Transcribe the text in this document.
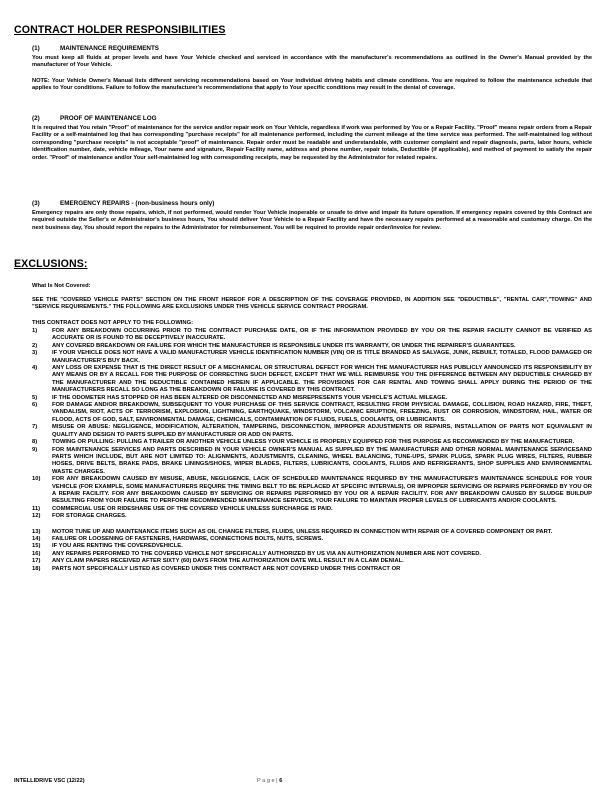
CONTRACT HOLDER RESPONSIBILITIES
(1)	MAINTENANCE REQUIREMENTS
You must keep all fluids at proper levels and have Your Vehicle checked and serviced in accordance with the manufacturer's recommendations as outlined in the Owner's Manual provided by the manufacturer of Your Vehicle.
NOTE: Your Vehicle Owner's Manual lists different servicing recommendations based on Your individual driving habits and climate conditions. You are required to follow the maintenance schedule that applies to Your conditions. Failure to follow the manufacturer's recommendations that apply to Your specific conditions may result in the denial of coverage.
(2)	PROOF OF MAINTENANCE LOG
It is required that You retain "Proof" of maintenance for the service and/or repair work on Your Vehicle, regardless if work was performed by You or a Repair Facility. "Proof" means repair orders from a Repair Facility or a self-maintained log that has corresponding "purchase receipts" for all maintenance performed, including the current mileage at the time service was performed. The self-maintained log without corresponding "purchase receipts" is not acceptable "proof" of maintenance. Repair order must be readable and understandable, with customer complaint and repair diagnosis, parts, labor hours, vehicle identification number, date, vehicle mileage, Your name and signature, Repair Facility name, address and phone number, repair totals, Deductible (if applicable), and method of payment to satisfy the repair order. "Proof" of maintenance and/or Your self-maintained log with corresponding receipts, may be requested by the Administrator for related repairs.
(3)	EMERGENCY REPAIRS - (non-business hours only)
Emergency repairs are only those repairs, which, if not performed, would render Your Vehicle inoperable or unsafe to drive and impair its future operation. If emergency repairs covered by this Contract are required outside the Seller's or Administrator's business hours, You should deliver Your Vehicle to a Repair Facility and have the necessary repairs performed at a reasonable and customary charge. On the next business day, You should report the repairs to the Administrator for reimbursement. You will be required to provide repair order/invoice for review.
EXCLUSIONS:
What Is Not Covered:
SEE THE "COVERED VEHICLE PARTS" SECTION ON THE FRONT HEREOF FOR A DESCRIPTION OF THE COVERAGE PROVIDED, IN ADDITION SEE "DEDUCTIBLE", "RENTAL CAR","TOWING" AND "SERVICE REQUIREMENTS." THE FOLLOWING ARE EXCLUSIONS UNDER THIS VEHICLE SERVICE CONTRACT PROGRAM.
THIS CONTRACT DOES NOT APPLY TO THE FOLLOWING:
1)	FOR ANY BREAKDOWN OCCURRING PRIOR TO THE CONTRACT PURCHASE DATE, OR IF THE INFORMATION PROVIDED BY YOU OR THE REPAIR FACILITY CANNOT BE VERIFIED AS ACCURATE OR IS FOUND TO BE DECEPTIVELY INACCURATE.
2)	ANY COVERED BREAKDOWN OR FAILURE FOR WHICH THE MANUFACTURER IS RESPONSIBLE UNDER ITS WARRANTY, OR UNDER THE REPAIRER'S GUARANTEES.
3)	IF YOUR VEHICLE DOES NOT HAVE A VALID MANUFACTURER VEHICLE IDENTIFICATION NUMBER (VIN) OR IS TITLE BRANDED AS SALVAGE, JUNK, REBUILT, TOTALED, FLOOD DAMAGED OR MANUFACTURER'S BUY BACK.
4)	ANY LOSS OR EXPENSE THAT IS THE DIRECT RESULT OF A MECHANICAL OR STRUCTURAL DEFECT FOR WHICH THE MANUFACTURER HAS PUBLICLY ANNOUNCED ITS RESPONSIBILITY BY ANY MEANS OR BY A RECALL FOR THE PURPOSE OF CORRECTING SUCH DEFECT, EXCEPT THAT WE WILL REIMBURSE YOU THE DIFFERENCE BETWEEN ANY DEDUCTIBLE CHARGED BY THE MANUFACTURER AND THE DEDUCTIBLE CONTAINED HEREIN IF APPLICABLE. THE PROVISIONS FOR CAR RENTAL AND TOWING SHALL APPLY DURING THE PERIOD OF THE MANUFACTURERS RECALL SO LONG AS THE BREAKDOWN OR FAILURE IS COVERED BY THIS CONTRACT.
5)	IF THE ODOMETER HAS STOPPED OR HAS BEEN ALTERED OR DISCONNECTED AND MISREPRESENTS YOUR VEHICLE'S ACTUAL MILEAGE.
6)	FOR DAMAGE AND/OR BREAKDOWN, SUBSEQUENT TO YOUR PURCHASE OF THIS SERVICE CONTRACT, RESULTING FROM PHYSICAL DAMAGE, COLLISION, ROAD HAZARD, FIRE, THEFT, VANDALISM, RIOT, ACTS OF TERRORISM, EXPLOSION, LIGHTNING, EARTHQUAKE, WINDSTORM, VOLCANIC ERUPTION, FREEZING, RUST OR CORROSION, WINDSTORM, HAIL, WATER OR FLOOD, ACTS OF GOD, SALT, ENVIRONMENTAL DAMAGE, CHEMICALS, CONTAMINATION OF FLUIDS, FUELS, COOLANTS, OR LUBRICANTS.
7)	MISUSE OR ABUSE: NEGLIGENCE, MODIFICATION, ALTERATION, TAMPERING, DISCONNECTION, IMPROPER ADJUSTMENTS OR REPAIRS, INSTALLATION OF PARTS NOT EQUIVALENT IN QUALITY AND DESIGN TO PARTS SUPPLIED BY MANUFACTURER OR ADD ON PARTS.
8)	TOWING OR PULLING: PULLING A TRAILER OR ANOTHER VEHICLE UNLESS YOUR VEHICLE IS PROPERLY EQUIPPED FOR THIS PURPOSE AS RECOMMENDED BY THE MANUFACTURER.
9)	FOR MAINTENANCE SERVICES AND PARTS DESCRIBED IN YOUR VEHICLE OWNER'S MANUAL AS SUPPLIED BY THE MANUFACTURER AND OTHER NORMAL MAINTENANCE SERVICESAND PARTS WHICH INCLUDE, BUT ARE NOT LIMITED TO: ALIGNMENTS, ADJUSTMENTS, CLEANING, WHEEL BALANCING, TUNE-UPS, SPARK PLUGS, SPARK PLUG WIRES, FILTERS, RUBBER HOSES, DRIVE BELTS, BRAKE PADS, BRAKE LININGS/SHOES, WIPER BLADES, FILTERS, LUBRICANTS, COOLANTS, FLUIDS AND REFRIGERANTS, SHOP SUPPLIES AND ENVIRONMENTAL WASTE CHARGES.
10) FOR ANY BREAKDOWN CAUSED BY MISUSE, ABUSE, NEGLIGENCE, LACK OF SCHEDULED MAINTENANCE REQUIRED BY THE MANUFACTURER'S MAINTENANCE SCHEDULE FOR YOUR VEHICLE (FOR EXAMPLE, SOME MANUFACTURERS REQUIRE THE TIMING BELT TO BE REPLACED AT SPECIFIC INTERVALS), OR IMPROPER SERVICING OR REPAIRS PERFORMED BY YOU OR A REPAIR FACILITY. FOR ANY BREAKDOWN CAUSED BY SERVICING OR REPAIRS PERFORMED BY YOU OR A REPAIR FACILITY. FOR ANY BREAKDOWN CAUSED BY SLUDGE BUILDUP RESULTING FROM YOUR FAILURE TO PERFORM RECOMMENDED MAINTENANCE SERVICES, YOUR FAILURE TO MAINTAIN PROPER LEVELS OF LUBRICANTS AND/OR COOLANTS.
11) COMMERCIAL USE OR RIDESHARE USE OF THE COVERED VEHICLE UNLESS SURCHARGE IS PAID.
12) FOR STORAGE CHARGES.
13) MOTOR TUNE UP AND MAINTENANCE ITEMS SUCH AS OIL CHANGE FILTERS, FLUIDS, UNLESS REQUIRED IN CONNECTION WITH REPAIR OF A COVERED COMPONENT OR PART.
14) FAILURE OR LOOSENING OF FASTENERS, HARDWARE, CONNECTIONS BOLTS, NUTS, SCREWS.
15) IF YOU ARE RENTING THE COVEREDVEHICLE.
16) ANY REPAIRS PERFORMED TO THE COVERED VEHICLE NOT SPECIFICALLY AUTHORIZED BY US VIA AN AUTHORIZATION NUMBER ARE NOT COVERED.
17) ANY CLAIM PAPERS RECEIVED AFTER SIXTY (60) DAYS FROM THE AUTHORIZATION DATE WILL RESULT IN A CLAIM DENIAL.
18) PARTS NOT SPECIFICALLY LISTED AS COVERED UNDER THIS CONTRACT ARE NOT COVERED UNDER THIS CONTRACT OR
INTELLIDRIVE VSC (12/22)	P a g e | 6
